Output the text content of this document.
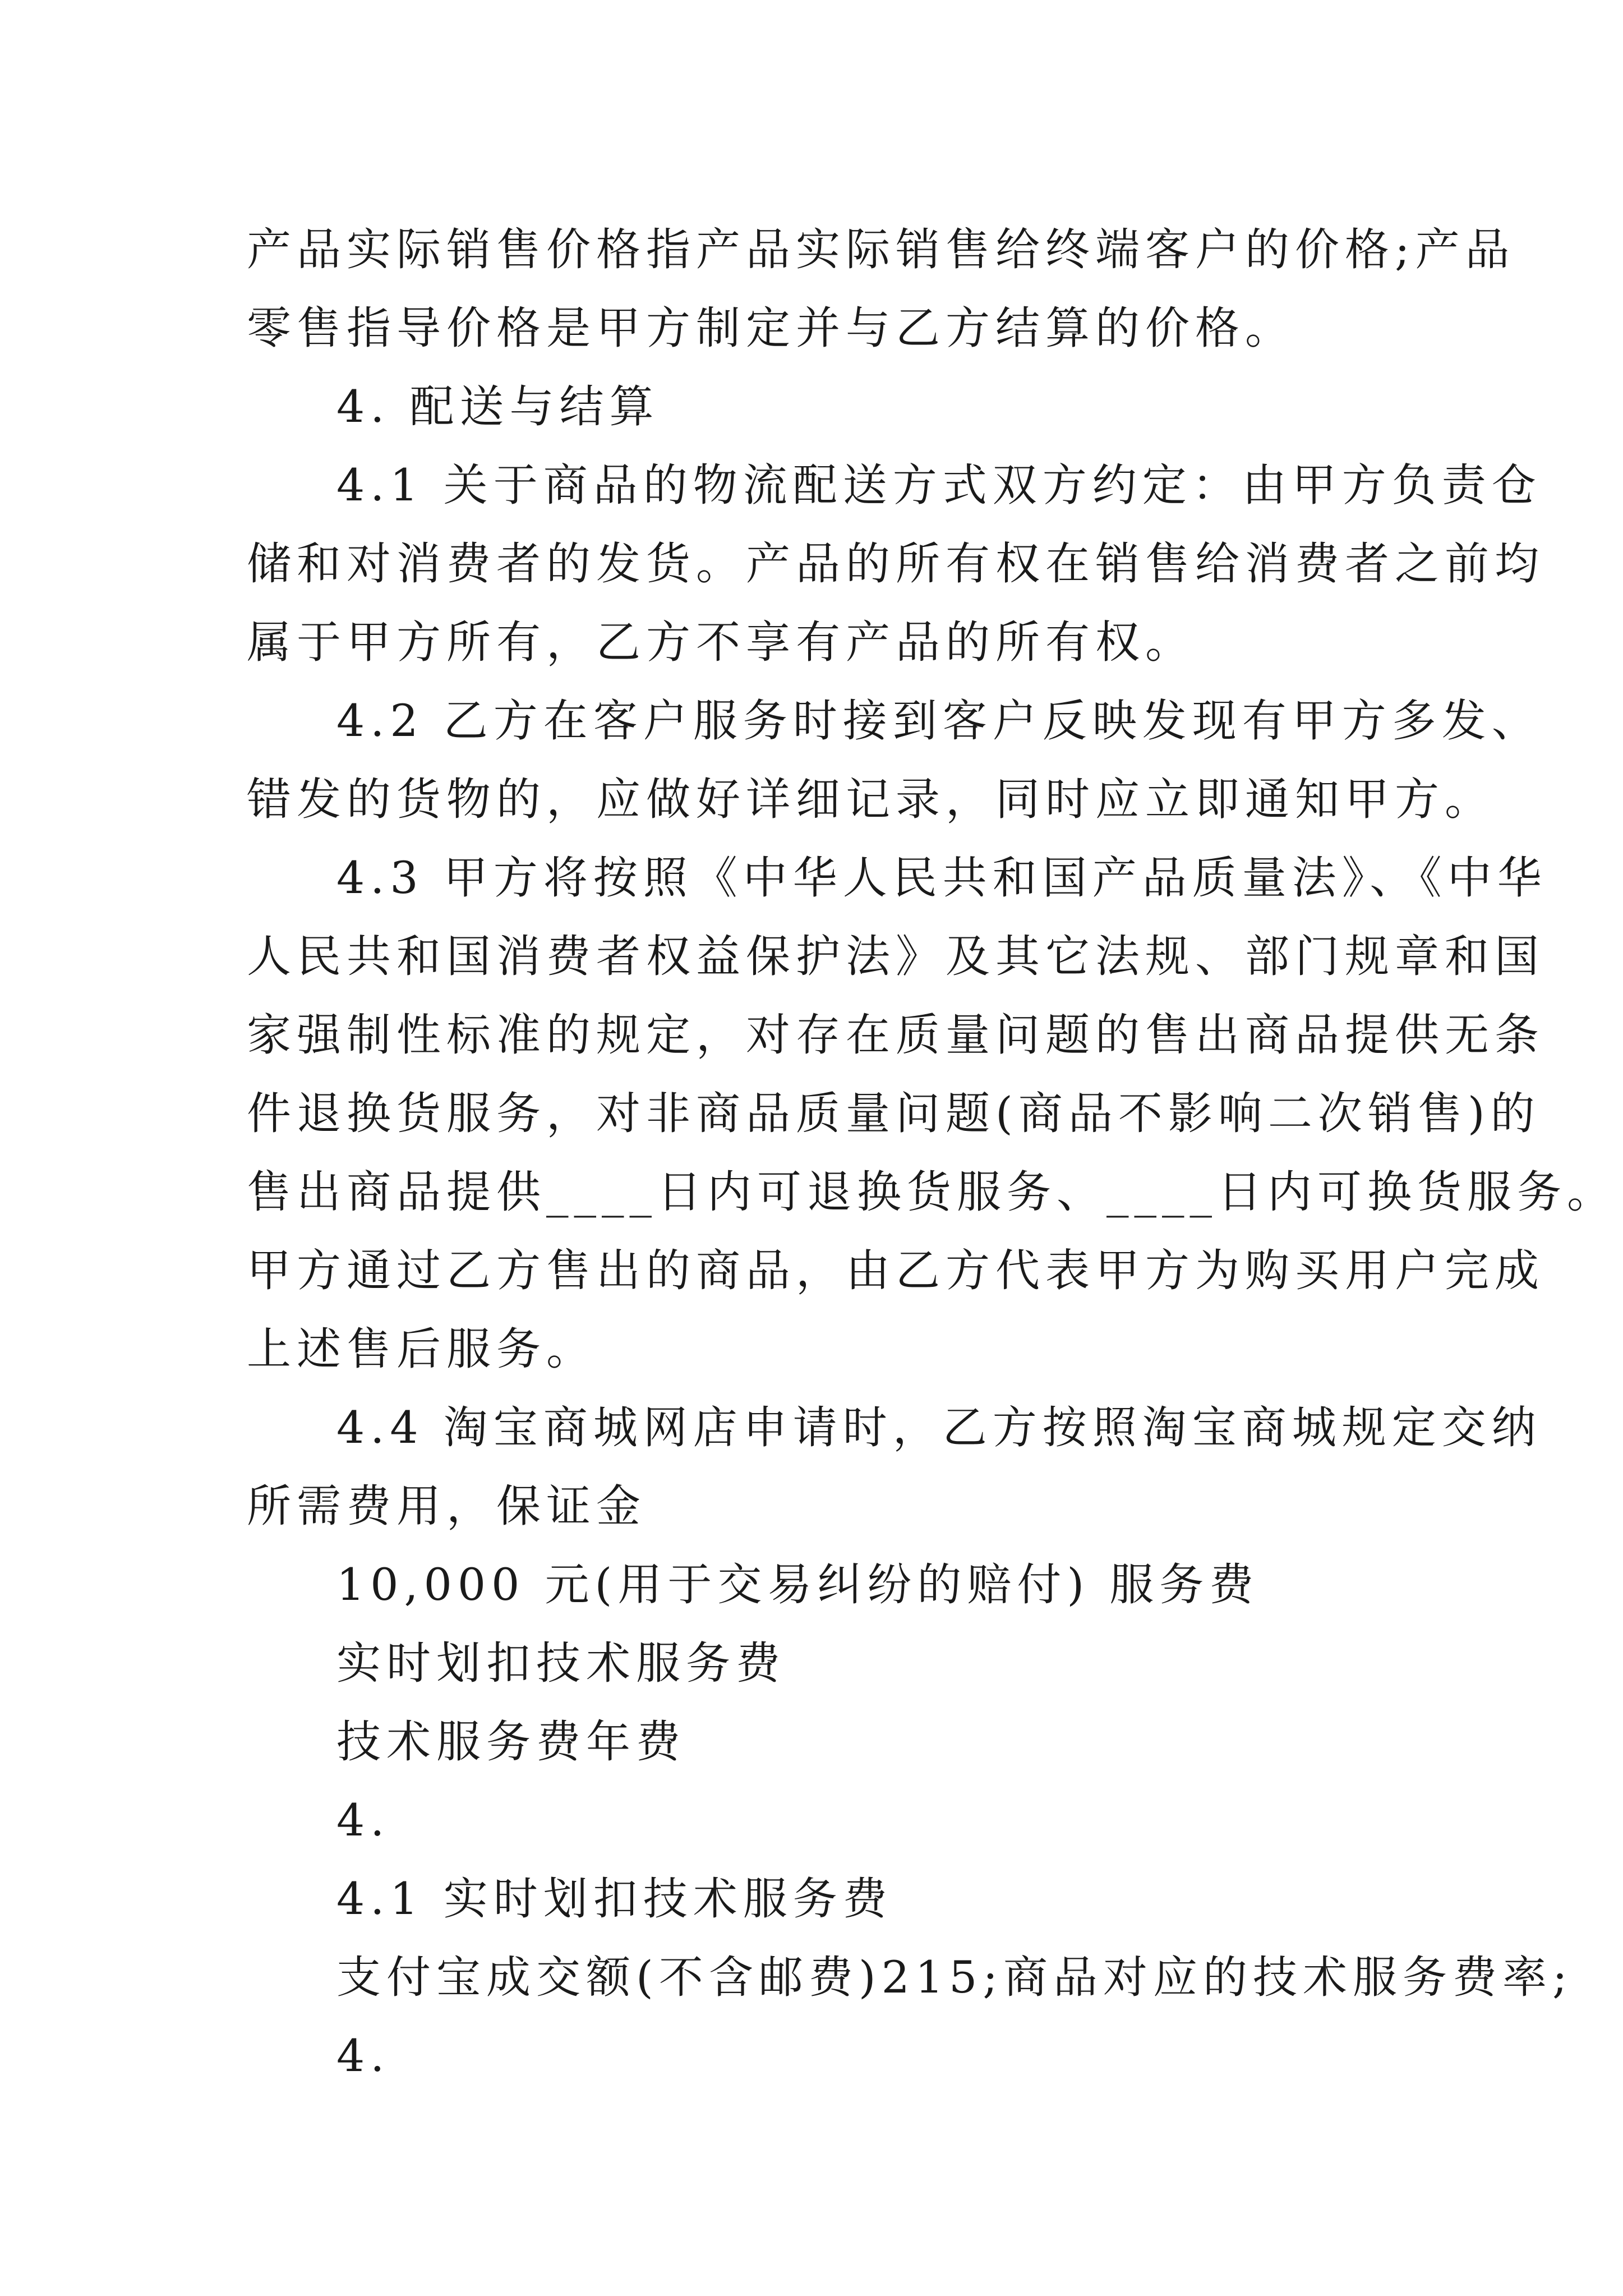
产品实际销售价格指产品实际销售给终端客户的价格;产品
零售指导价格是甲方制定并与乙方结算的价格。
4. 配送与结算
4.1 关于商品的物流配送方式双方约定：由甲方负责仓
储和对消费者的发货。产品的所有权在销售给消费者之前均
属于甲方所有，乙方不享有产品的所有权。
4.2 乙方在客户服务时接到客户反映发现有甲方多发、
错发的货物的，应做好详细记录，同时应立即通知甲方。
4.3 甲方将按照《中华人民共和国产品质量法》、《中华
人民共和国消费者权益保护法》及其它法规、部门规章和国
家强制性标准的规定，对存在质量问题的售出商品提供无条
件退换货服务，对非商品质量问题(商品不影响二次销售)的
售出商品提供____日内可退换货服务、____日内可换货服务。
甲方通过乙方售出的商品，由乙方代表甲方为购买用户完成
上述售后服务。
4.4 淘宝商城网店申请时，乙方按照淘宝商城规定交纳
所需费用，保证金
10,000 元(用于交易纠纷的赔付) 服务费
实时划扣技术服务费
技术服务费年费
4.
4.1 实时划扣技术服务费
支付宝成交额(不含邮费)215;商品对应的技术服务费率;
4.
